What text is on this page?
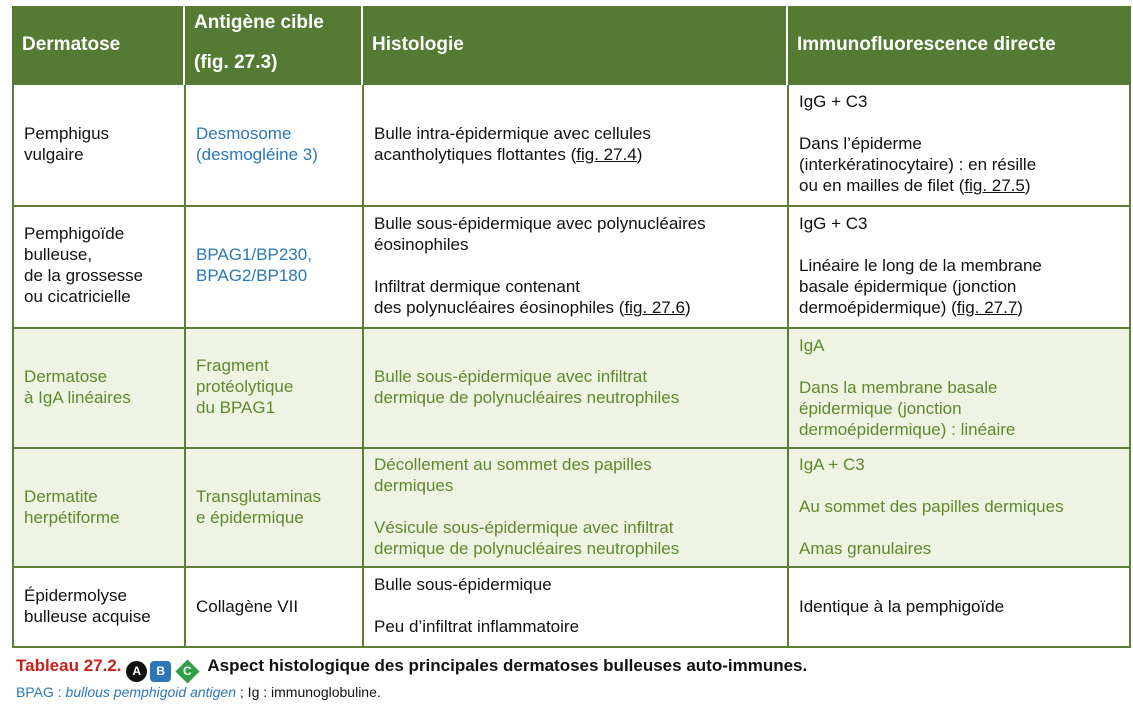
Dermatose
Antigène cible
(fig. 27.3)
Histologie	Immunofluorescence directe
Pemphigus
vulgaire
Desmosome
(desmogléine 3)
Bulle intra-épidermique avec cellules
acantholytiques flottantes (fig. 27.4)
IgG + C3
Dans l’épiderme
(interkératinocytaire) : en résille
ou en mailles de filet (fig. 27.5)
Pemphigoïde
bulleuse,
de la grossesse
ou cicatricielle
BPAG1/BP230,
BPAG2/BP180
Bulle sous-épidermique avec polynucléaires
éosinophiles
Infiltrat dermique contenant
des polynucléaires éosinophiles (fig. 27.6)
IgG + C3
Linéaire le long de la membrane
basale épidermique (jonction
dermoépidermique) (fig. 27.7)
Dermatose
à IgA linéaires
Fragment
protéolytique
du BPAG1
Bulle sous-épidermique avec infiltrat
dermique de polynucléaires neutrophiles
IgA
Dans la membrane basale
épidermique (jonction
dermoépidermique) : linéaire
Dermatite
herpétiforme
Transglutaminas
e épidermique
Décollement au sommet des papilles
dermiques
Vésicule sous-épidermique avec infiltrat
dermique de polynucléaires neutrophiles
IgA + C3
Au sommet des papilles dermiques
Amas granulaires
Épidermolyse
bulleuse acquise
Collagène VII
Bulle sous-épidermique
Peu d’infiltrat inflammatoire
Identique à la pemphigoïde
Tableau 27.2. A B C Aspect histologique des principales dermatoses bulleuses auto-immunes.
BPAG : bullous pemphigoid antigen ; Ig : immunoglobuline.
